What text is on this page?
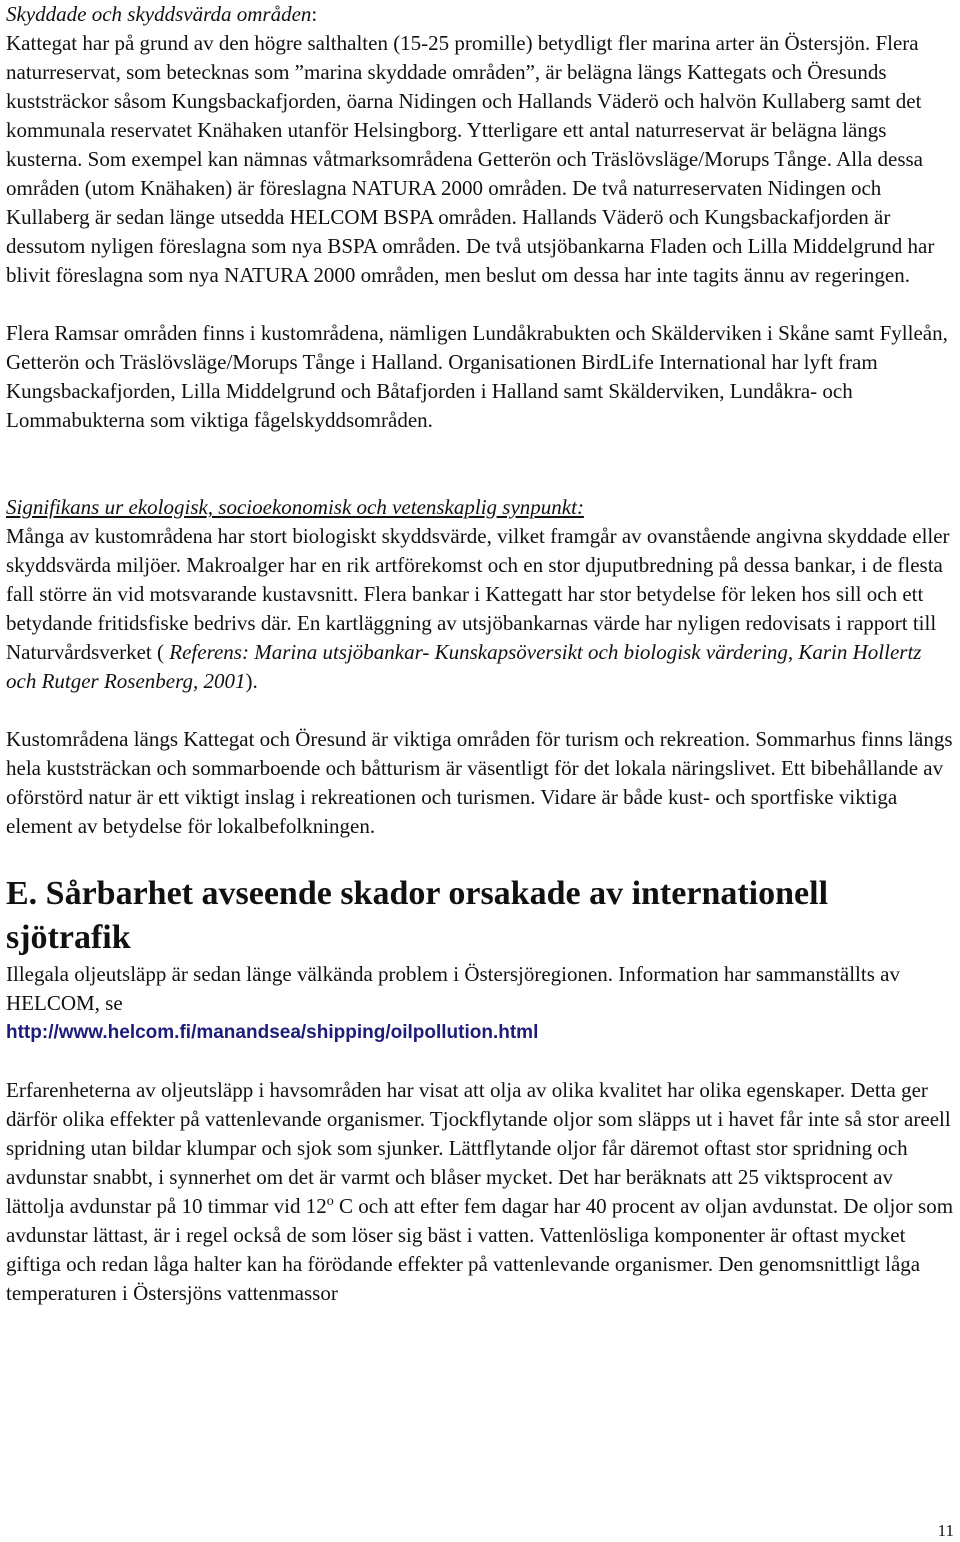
Skyddade och skyddsvärda områden:

Kattegat har på grund av den högre salthalten (15-25 promille) betydligt fler marina arter än Östersjön. Flera naturreservat, som betecknas som ”marina skyddade områden”, är belägna längs Kattegats och Öresunds kuststräckor såsom Kungsbackafjorden, öarna Nidingen och Hallands Väderö och halvön Kullaberg samt det kommunala reservatet Knähaken utanför Helsingborg. Ytterligare ett antal naturreservat är belägna längs kusterna. Som exempel kan nämnas våtmarksområdena Getterön och Träslövsläge/Morups Tånge. Alla dessa områden (utom Knähaken) är föreslagna NATURA 2000 områden. De två naturreservaten Nidingen och Kullaberg är sedan länge utsedda HELCOM BSPA områden. Hallands Väderö och Kungsbackafjorden är dessutom nyligen föreslagna som nya BSPA områden. De två utsjöbankarna Fladen och Lilla Middelgrund har blivit föreslagna som nya NATURA 2000 områden, men beslut om dessa har inte tagits ännu av regeringen.

Flera Ramsar områden finns i kustområdena, nämligen Lundåkrabukten och Skälderviken i Skåne samt Fylleån, Getterön och Träslövsläge/Morups Tånge i Halland. Organisationen BirdLife International har lyft fram Kungsbackafjorden, Lilla Middelgrund och Båtafjorden i Halland samt Skälderviken, Lundåkra- och Lommabukterna som viktiga fågelskyddsområden.

Signifikans ur ekologisk, socioekonomisk och vetenskaplig synpunkt:

Många av kustområdena har stort biologiskt skyddsvärde, vilket framgår av ovanstående angivna skyddade eller skyddsvärda miljöer. Makroalger har en rik artförekomst och en stor djuputbredning på dessa bankar, i de flesta fall större än vid motsvarande kustavsnitt. Flera bankar i Kattegatt har stor betydelse för leken hos sill och ett betydande fritidsfiske bedrivs där. En kartläggning av utsjöbankarnas värde har nyligen redovisats i rapport till Naturvårdsverket ( Referens: Marina utsjöbankar- Kunskapsöversikt och biologisk värdering, Karin Hollertz och Rutger Rosenberg, 2001).

Kustområdena längs Kattegat och Öresund är viktiga områden för turism och rekreation. Sommarhus finns längs hela kuststräckan och sommarboende och båtturism är väsentligt för det lokala näringslivet. Ett bibehållande av oförstörd natur är ett viktigt inslag i rekreationen och turismen. Vidare är både kust- och sportfiske viktiga element av betydelse för lokalbefolkningen.

E. Sårbarhet avseende skador orsakade av internationell sjötrafik

Illegala oljeutsläpp är sedan länge välkända problem i Östersjöregionen. Information har sammanställts av HELCOM, se

http://www.helcom.fi/manandsea/shipping/oilpollution.html

Erfarenheterna av oljeutsläpp i havsområden har visat att olja av olika kvalitet har olika egenskaper. Detta ger därför olika effekter på vattenlevande organismer. Tjockflytande oljor som släpps ut i havet får inte så stor areell spridning utan bildar klumpar och sjok som sjunker. Lättflytande oljor får däremot oftast stor spridning och avdunstar snabbt, i synnerhet om det är varmt och blåser mycket. Det har beräknats att 25 viktsprocent av lättolja avdunstar på 10 timmar vid 12$^o$ C och att efter fem dagar har 40 procent av oljan avdunstat. De oljor som avdunstar lättast, är i regel också de som löser sig bäst i vatten. Vattenlösliga komponenter är oftast mycket giftiga och redan låga halter kan ha förödande effekter på vattenlevande organismer. Den genomsnittligt låga temperaturen i Östersjöns vattenmassor

11
